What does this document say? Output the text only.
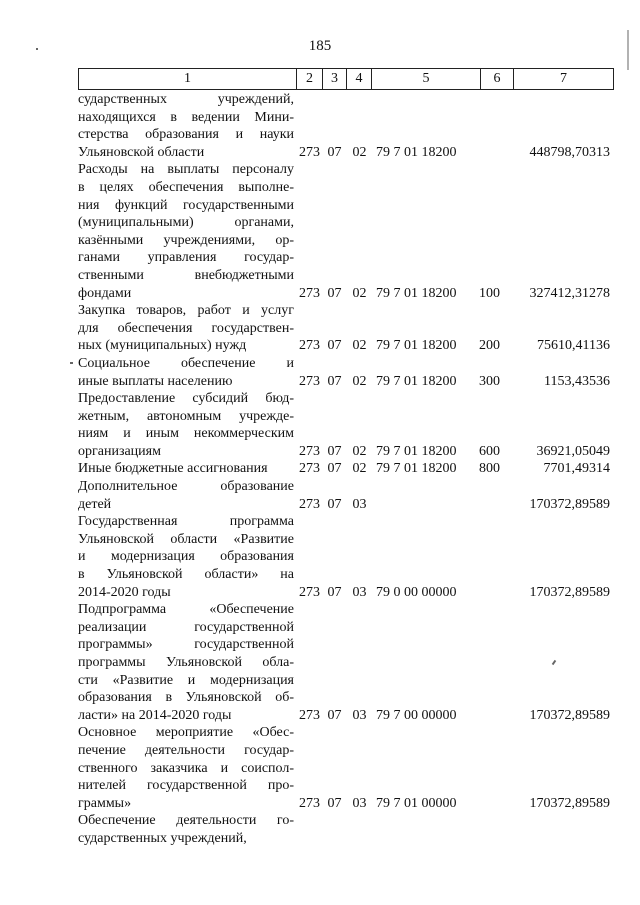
185
1	2	3	4	5	6	7
сударственных учреждений,
находящихся в ведении Мини-
стерства образования и науки
Ульяновской области	273 07 02 79 7 01 18200	448798,70313
Расходы на выплаты персоналу
в целях обеспечения выполне-
ния функций государственными
(муниципальными) органами,
казёнными учреждениями, ор-
ганами управления государ-
ственными внебюджетными
фондами	273 07 02 79 7 01 18200	100	327412,31278
Закупка товаров, работ и услуг
для обеспечения государствен-
ных (муниципальных) нужд	273 07 02 79 7 01 18200	200	75610,41136
Социальное обеспечение и
иные выплаты населению	273 07 02 79 7 01 18200	300	1153,43536
Предоставление субсидий бюд-
жетным, автономным учрежде-
ниям и иным некоммерческим
организациям	273 07 02 79 7 01 18200	600	36921,05049
Иные бюджетные ассигнования	273 07 02 79 7 01 18200	800	7701,49314
Дополнительное образование
детей	273 07 03	170372,89589
Государственная программа
Ульяновской области «Развитие
и модернизация образования
в Ульяновской области» на
2014-2020 годы	273 07 03 79 0 00 00000	170372,89589
Подпрограмма «Обеспечение
реализации государственной
программы» государственной
программы Ульяновской обла-
сти «Развитие и модернизация
образования в Ульяновской об-
ласти» на 2014-2020 годы	273 07 03 79 7 00 00000	170372,89589
Основное мероприятие «Обес-
печение деятельности государ-
ственного заказчика и соиспол-
нителей государственной про-
граммы»	273 07 03 79 7 01 00000	170372,89589
Обеспечение деятельности го-
сударственных учреждений,
